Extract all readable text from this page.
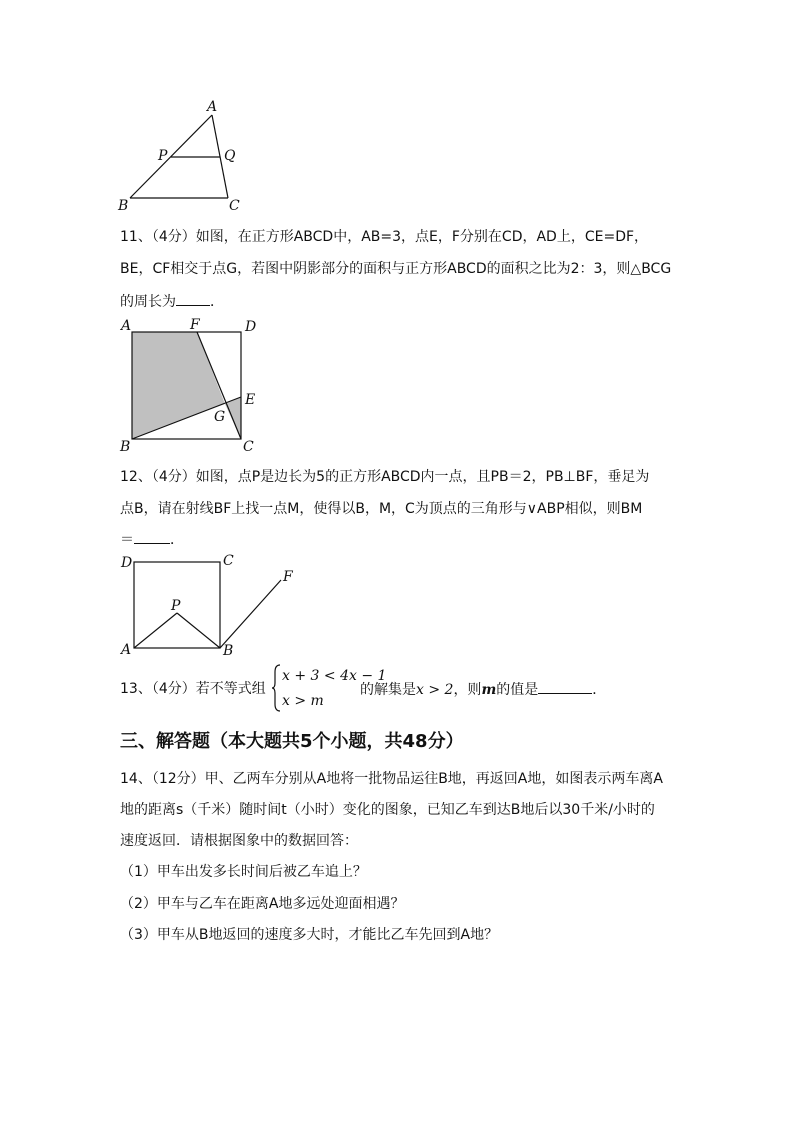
A
P	Q
B	C
11、（4分）如图，在正方形ABCD中，AB=3，点E，F分别在CD，AD上，CE=DF，
BE，CF相交于点G，若图中阴影部分的面积与正方形ABCD的面积之比为2：3，则△BCG
的周长为 ．
A	F	D
E
G
B	C
12、（4分）如图，点P是边长为5的正方形ABCD内一点，且PB＝2，PB⊥BF，垂足为
点B，请在射线BF上找一点M，使得以B，M，C为顶点的三角形与∨ABP相似，则BM
＝	．
D	C
P
F
A	B
13、（4分）若不等式组
x + 3 < 4x − 1
x > m
的解集是x > 2，则m的值是	．
三、解答题（本大题共5个小题，共48分）
14、（12分）甲、乙两车分别从A地将一批物品运往B地，再返回A地，如图表示两车离A
地的距离s（千米）随时间t（小时）变化的图象，已知乙车到达B地后以30千米/小时的
速度返回．请根据图象中的数据回答：
（1）甲车出发多长时间后被乙车追上？
（2）甲车与乙车在距离A地多远处迎面相遇？
（3）甲车从B地返回的速度多大时，才能比乙车先回到A地？
